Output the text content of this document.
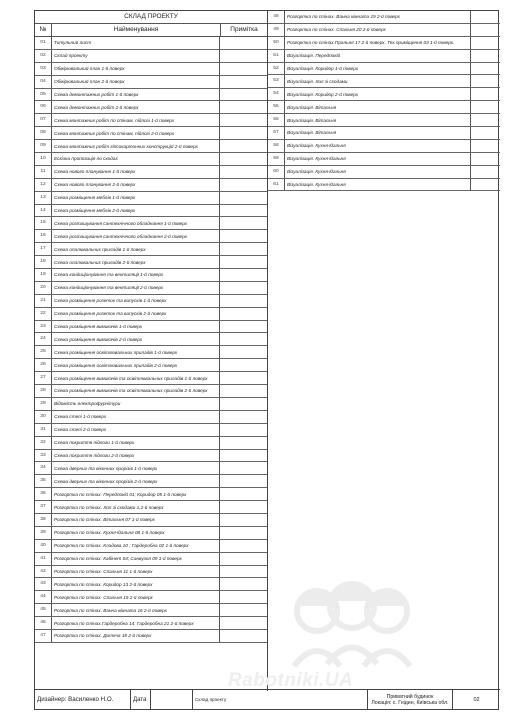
СКЛАД ПРОЕКТУ
№	Найменування	Примітка
01	Титульний лист
02	Склад проекту
03	Обмірювальний план 1-й поверх
04	Обмірювальний план 2-й поверх
05	Схема демонтажних робіт 1-й поверх
06	Схема демонтажних робіт 2-й поверх
07	Схема монтажних робіт по стінам, підлозі 1-й поверх
08	Схема монтажних робіт по стінам, підлозі 2-й поверх
09	Схема монтажних робіт гіпсокартонних конструкцій 2-й поверх
10	Ескізна пропозиція по сходах
11	Схема нового планування 1-й поверх
12	Схема нового планування 2-й поверх
13	Схема розміщення меблів 1-й поверх
14	Схема розміщення меблів 2-й поверх
15	Схема розташування сантехнічного обладнання 1-й поверх
16	Схема розташування сантехнічного обладнання 2-й поверх
17	Схема опалювальних приладів 1-й поверх
18	Схема опалювальних приладів 2-й поверх
19	Схема кондиціонування та вентиляції 1-й поверх
20	Схема кондиціонування та вентиляції 2-й поверх
21	Схема розміщення розеток та випусків 1-й поверх
22	Схема розміщення розеток та випусків 2-й поверх
23	Схема розміщення вимикачів 1-й поверх
24	Схема розміщення вимикачів 2-й поверх
25	Схема розміщення освітлювальних приладів 1-й поверх
26	Схема розміщення освітлювальних приладів 2-й поверх
27	Схема розміщення вимикачів та освітлювальних приладів 1-й поверх
28	Схема розміщення вимикачів та освітлювальних приладів 2-й поверх
29	Відомість електрофурнітури
30	Схема стелі 1-й поверх
31	Схема стелі 2-й поверх
32	Схема покриття підлоги 1-й поверх
33	Схема покриття підлоги 2-й поверх
34	Схема дверних та віконних прорізів 1-й поверх
35	Схема дверних та віконних прорізів 2-й поверх
36	Розгортка по стінах. Передпокій 01; Коридор 05 1-й поверх
37	Розгортка по стінах. Хол зі сходами 1,2-й поверх
38	Розгортка по стінах. Вітальня 07 1-й поверх
39	Розгортка по стінах. Кухня-їдальня 08 1-й поверх
40	Розгортка по стінах. Кладова 10 ; Гардеробна 02 1-й поверх
41	Розгортка по стінах. Кабінет 04; Санвузол 09 1-й поверх
42	Розгортка по стінах. Спальня 11 1-й поверх
43	Розгортка по стінах. Коридор 13 2-й поверх
44	Розгортка по стінах. Спальня 15 2-й поверх
45	Розгортка по стінах. Ванна кімната 16 2-й поверх
46	Розгортка по стінах.Гардеробна 14; Гардеробна 21 2-й поверх
47	Розгортка по стінах. Дитяча 18 2-й поверх
48	Розгортка по стінах. Ванна кімната 19 2-й поверх
49	Розгортка по стінах. Спальня 20 2-й поверх
50	Розгортка по стінах.Пральня 17 2-й поверх. Тех.приміщення 03 1-й поверх.
51	Візуалізація. Передпокій
52	Візуалізація. Коридор 1-й поверх
53	Візуалізація. Хол зі сходами
54	Візуалізація. Коридор 2-й поверх
55	Візуалізація. Вітальня
56	Візуалізація. Вітальня
57	Візуалізація. Вітальня
58	Візуалізація. Кухня-їдальня
59	Візуалізація. Кухня-їдальня
60	Візуалізація. Кухня-їдальня
61	Візуалізація. Кухня-їдальня
Дизайнер: Василенко Н.О.	Дата	Склад проекту	Приватний будинок
Локація: с. Гнідин, Київська обл.	02
Rabotniki.UA
